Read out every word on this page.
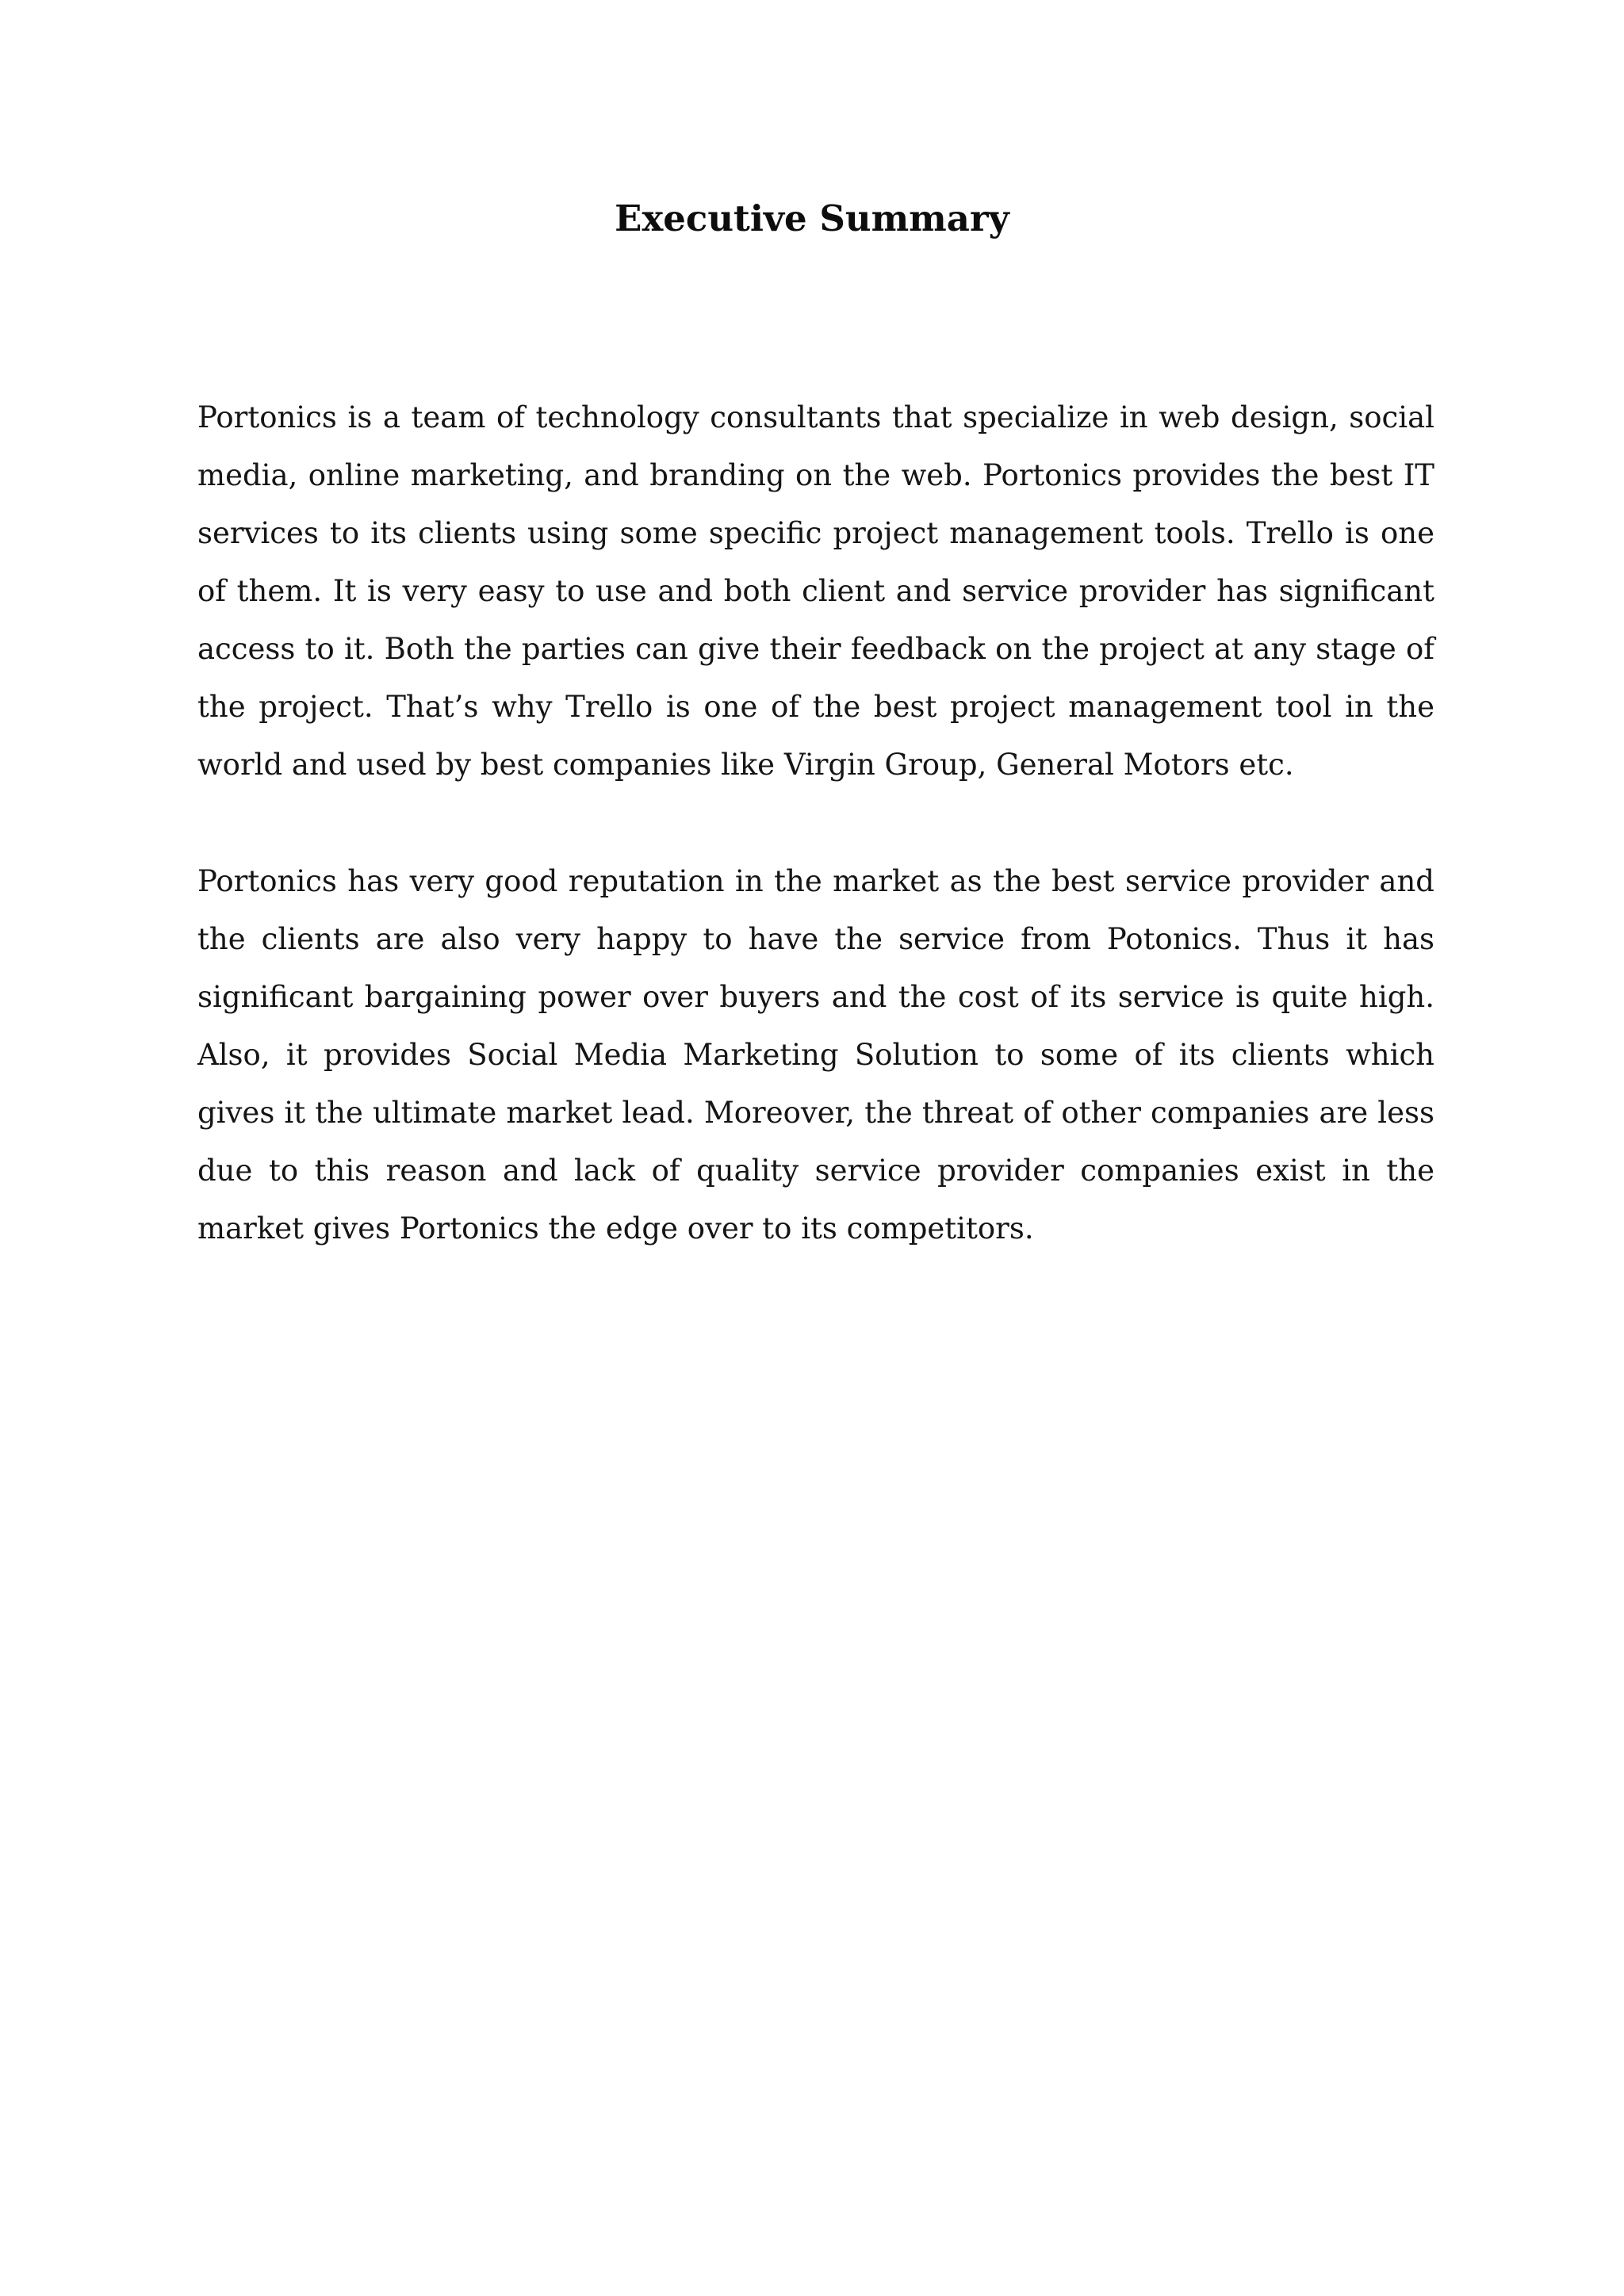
Executive Summary

Portonics is a team of technology consultants that specialize in web design, social media, online marketing, and branding on the web. Portonics provides the best IT services to its clients using some specific project management tools. Trello is one of them. It is very easy to use and both client and service provider has significant access to it. Both the parties can give their feedback on the project at any stage of the project. That’s why Trello is one of the best project management tool in the world and used by best companies like Virgin Group, General Motors etc.

Portonics has very good reputation in the market as the best service provider and the clients are also very happy to have the service from Potonics. Thus it has significant bargaining power over buyers and the cost of its service is quite high. Also, it provides Social Media Marketing Solution to some of its clients which gives it the ultimate market lead. Moreover, the threat of other companies are less due to this reason and lack of quality service provider companies exist in the market gives Portonics the edge over to its competitors.
